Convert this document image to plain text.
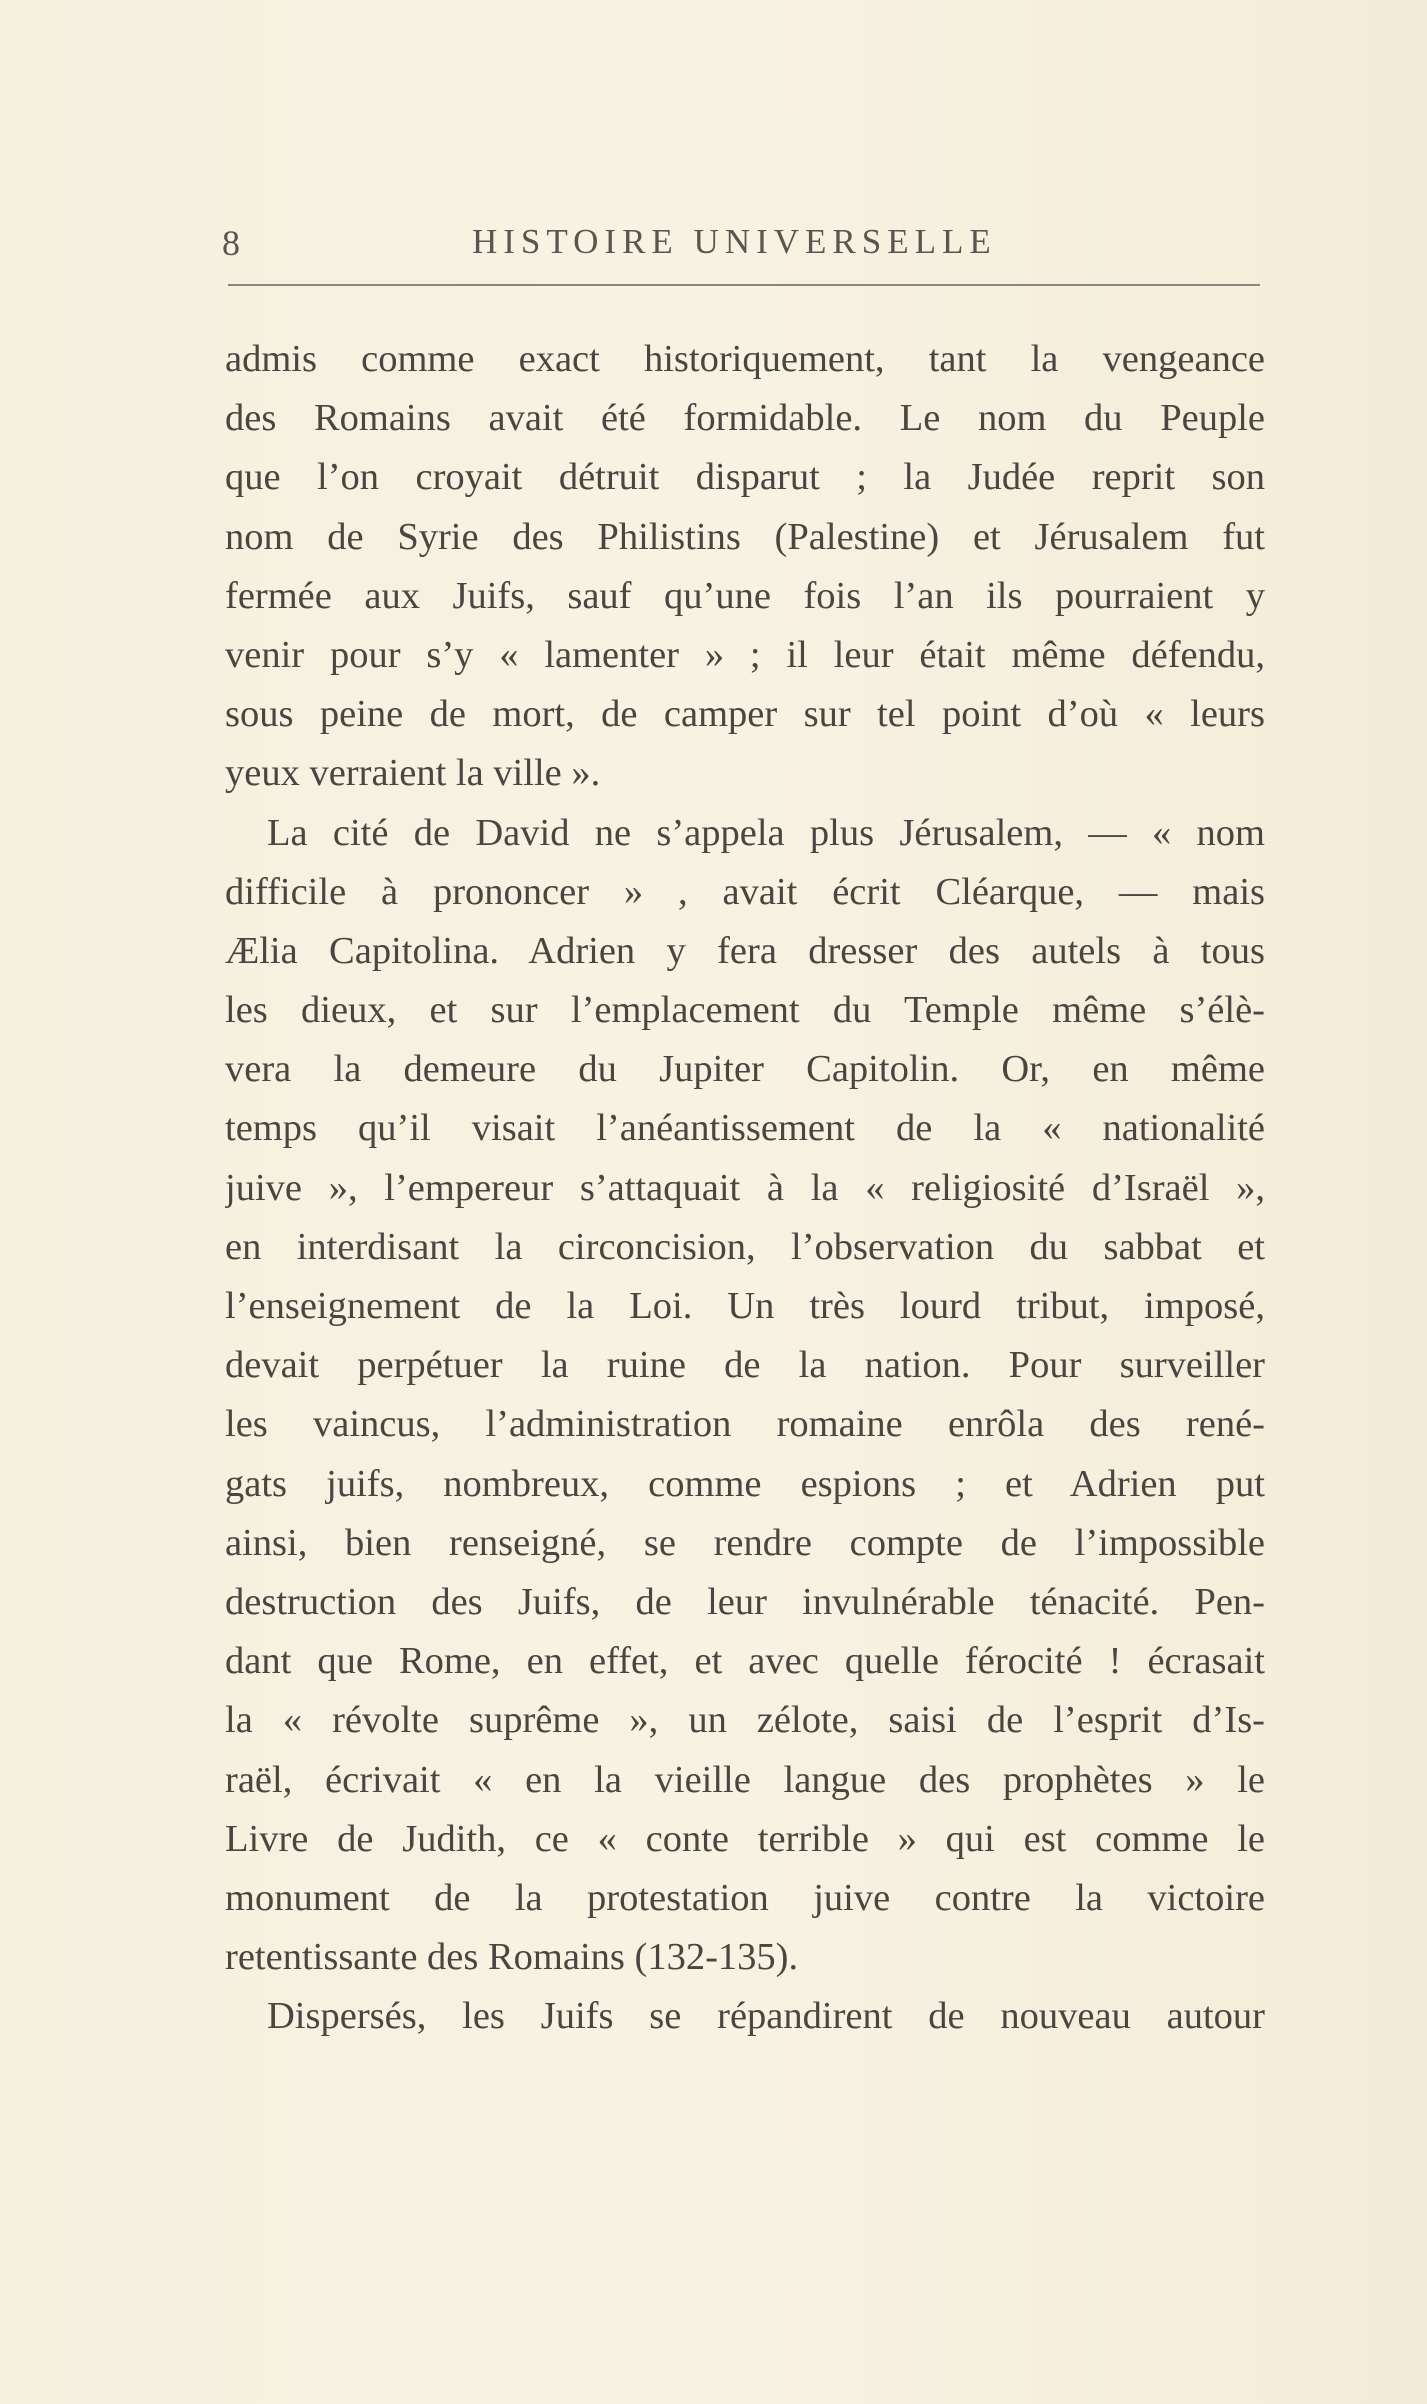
8	HISTOIRE UNIVERSELLE
admis comme exact historiquement, tant la vengeance
des Romains avait été formidable. Le nom du Peuple
que l’on croyait détruit disparut ; la Judée reprit son
nom de Syrie des Philistins (Palestine) et Jérusalem fut
fermée aux Juifs, sauf qu’une fois l’an ils pourraient y
venir pour s’y « lamenter » ; il leur était même défendu,
sous peine de mort, de camper sur tel point d’où « leurs
yeux verraient la ville ».
La cité de David ne s’appela plus Jérusalem, — « nom
difficile à prononcer » , avait écrit Cléarque, — mais
Ælia Capitolina. Adrien y fera dresser des autels à tous
les dieux, et sur l’emplacement du Temple même s’élè-
vera la demeure du Jupiter Capitolin. Or, en même
temps qu’il visait l’anéantissement de la « nationalité
juive », l’empereur s’attaquait à la « religiosité d’Israël »,
en interdisant la circoncision, l’observation du sabbat et
l’enseignement de la Loi. Un très lourd tribut, imposé,
devait perpétuer la ruine de la nation. Pour surveiller
les vaincus, l’administration romaine enrôla des rené-
gats juifs, nombreux, comme espions ; et Adrien put
ainsi, bien renseigné, se rendre compte de l’impossible
destruction des Juifs, de leur invulnérable ténacité. Pen-
dant que Rome, en effet, et avec quelle férocité ! écrasait
la « révolte suprême », un zélote, saisi de l’esprit d’Is-
raël, écrivait « en la vieille langue des prophètes » le
Livre de Judith, ce « conte terrible » qui est comme le
monument de la protestation juive contre la victoire
retentissante des Romains (132-135).
Dispersés, les Juifs se répandirent de nouveau autour
